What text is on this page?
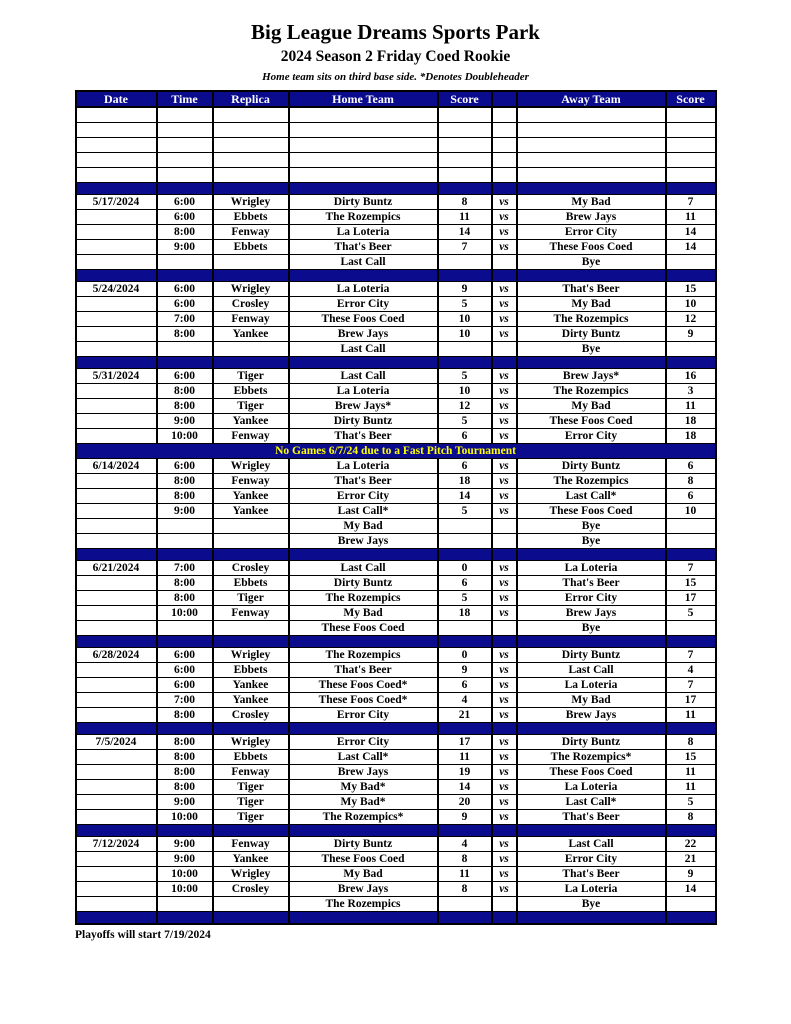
Big League Dreams Sports Park
2024 Season 2 Friday Coed Rookie
Home team sits on third base side. *Denotes Doubleheader
Date	Time	Replica	Home Team	Score		Away Team	Score

5/17/2024	6:00	Wrigley	Dirty Buntz	8	vs	My Bad	7
	6:00	Ebbets	The Rozempics	11	vs	Brew Jays	11
	8:00	Fenway	La Loteria	14	vs	Error City	14
	9:00	Ebbets	That's Beer	7	vs	These Foos Coed	14
			Last Call			Bye	

5/24/2024	6:00	Wrigley	La Loteria	9	vs	That's Beer	15
	6:00	Crosley	Error City	5	vs	My Bad	10
	7:00	Fenway	These Foos Coed	10	vs	The Rozempics	12
	8:00	Yankee	Brew Jays	10	vs	Dirty Buntz	9
			Last Call			Bye	

5/31/2024	6:00	Tiger	Last Call	5	vs	Brew Jays*	16
	8:00	Ebbets	La Loteria	10	vs	The Rozempics	3
	8:00	Tiger	Brew Jays*	12	vs	My Bad	11
	9:00	Yankee	Dirty Buntz	5	vs	These Foos Coed	18
	10:00	Fenway	That's Beer	6	vs	Error City	18
No Games 6/7/24 due to a Fast Pitch Tournament							
6/14/2024	6:00	Wrigley	La Loteria	6	vs	Dirty Buntz	6
	8:00	Fenway	That's Beer	18	vs	The Rozempics	8
	8:00	Yankee	Error City	14	vs	Last Call*	6
	9:00	Yankee	Last Call*	5	vs	These Foos Coed	10
			My Bad			Bye	
			Brew Jays			Bye	

6/21/2024	7:00	Crosley	Last Call	0	vs	La Loteria	7
	8:00	Ebbets	Dirty Buntz	6	vs	That's Beer	15
	8:00	Tiger	The Rozempics	5	vs	Error City	17
	10:00	Fenway	My Bad	18	vs	Brew Jays	5
			These Foos Coed			Bye	

6/28/2024	6:00	Wrigley	The Rozempics	0	vs	Dirty Buntz	7
	6:00	Ebbets	That's Beer	9	vs	Last Call	4
	6:00	Yankee	These Foos Coed*	6	vs	La Loteria	7
	7:00	Yankee	These Foos Coed*	4	vs	My Bad	17
	8:00	Crosley	Error City	21	vs	Brew Jays	11

7/5/2024	8:00	Wrigley	Error City	17	vs	Dirty Buntz	8
	8:00	Ebbets	Last Call*	11	vs	The Rozempics*	15
	8:00	Fenway	Brew Jays	19	vs	These Foos Coed	11
	8:00	Tiger	My Bad*	14	vs	La Loteria	11
	9:00	Tiger	My Bad*	20	vs	Last Call*	5
	10:00	Tiger	The Rozempics*	9	vs	That's Beer	8

7/12/2024	9:00	Fenway	Dirty Buntz	4	vs	Last Call	22
	9:00	Yankee	These Foos Coed	8	vs	Error City	21
	10:00	Wrigley	My Bad	11	vs	That's Beer	9
	10:00	Crosley	Brew Jays	8	vs	La Loteria	14
			The Rozempics			Bye	

Playoffs will start 7/19/2024
